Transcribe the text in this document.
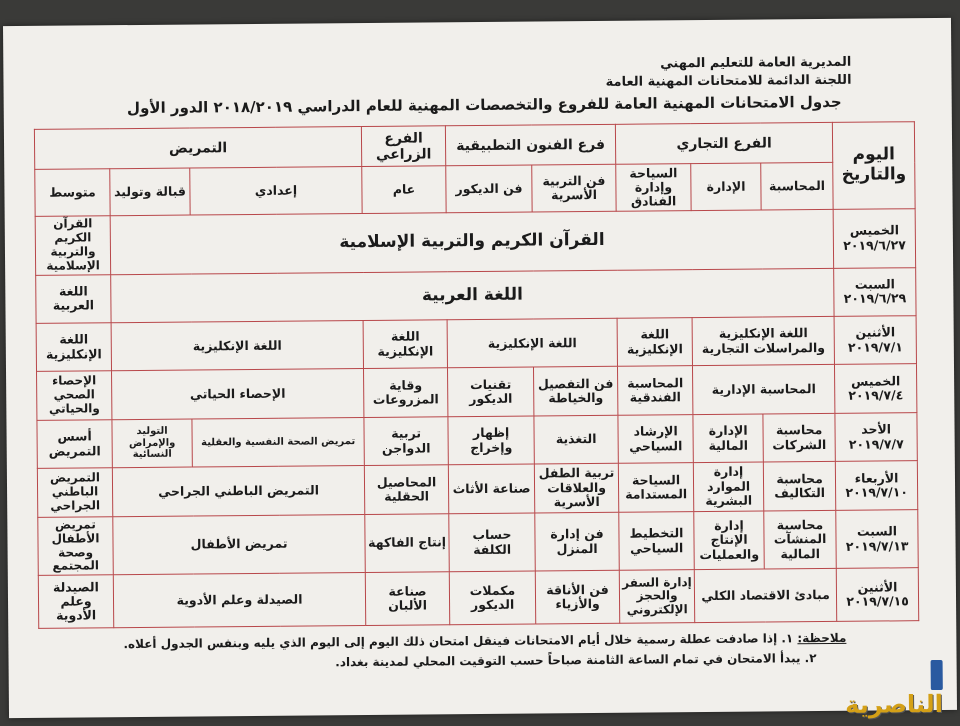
المديرية العامة للتعليم المهني
اللجنة الدائمة للامتحانات المهنية العامة
جدول الامتحانات المهنية العامة للفروع والتخصصات المهنية للعام الدراسي ٢٠١٨/٢٠١٩ الدور الأول
اليوم والتاريخ	الفرع التجاري			فرع الفنون التطبيقية		الفرع الزراعي	التمريض		
	المحاسبة	الإدارة	السياحة وإدارة الفنادق	فن التربية الأسرية	فن الديكور	عام	إعدادي	قبالة وتوليد	متوسط
الخميس
٢٠١٩/٦/٢٧	القرآن الكريم والتربية الإسلامية								القرآن الكريم والتربية الإسلامية
السبت
٢٠١٩/٦/٢٩	اللغة العربية								اللغة العربية
الأثنين
٢٠١٩/٧/١	اللغة الإنكليزية والمراسلات التجارية		اللغة الإنكليزية	اللغة الإنكليزية		اللغة الإنكليزية	اللغة الإنكليزية		اللغة الإنكليزية
الخميس
٢٠١٩/٧/٤	المحاسبة الإدارية		المحاسبة الفندقية	فن التفصيل والخياطة	تقنيات الديكور	وقاية المزروعات	الإحصاء الحياتي		الإحصاء الصحي والحياتي
الأحد
٢٠١٩/٧/٧	محاسبة الشركات	الإدارة المالية	الإرشاد السياحي	التغذية	إظهار وإخراج	تربية الدواجن	تمريض الصحة النفسية والعقلية	التوليد والإمراض النسائية	أسس التمريض
الأربعاء
٢٠١٩/٧/١٠	محاسبة التكاليف	إدارة الموارد البشرية	السياحة المستدامة	تربية الطفل والعلاقات الأسرية	صناعة الأثاث	المحاصيل الحقلية	التمريض الباطني الجراحي		التمريض الباطني الجراحي
السبت
٢٠١٩/٧/١٣	محاسبة المنشآت المالية	إدارة الإنتاج والعمليات	التخطيط السياحي	فن إدارة المنزل	حساب الكلفة	إنتاج الفاكهة	تمريض الأطفال		تمريض الأطفال وصحة المجتمع
الأثنين
٢٠١٩/٧/١٥	مبادئ الاقتصاد الكلي		إدارة السفر والحجز الإلكتروني	فن الأناقة والأزياء	مكملات الديكور	صناعة الألبان	الصيدلة وعلم الأدوية		الصيدلة وعلم الأدوية
ملاحظة: ١. إذا صادفت عطلة رسمية خلال أيام الامتحانات فينقل امتحان ذلك اليوم إلى اليوم الذي يليه وبنفس الجدول أعلاه.
٢. يبدأ الامتحان في تمام الساعة الثامنة صباحاً حسب التوقيت المحلي لمدينة بغداد.
الناصرية
